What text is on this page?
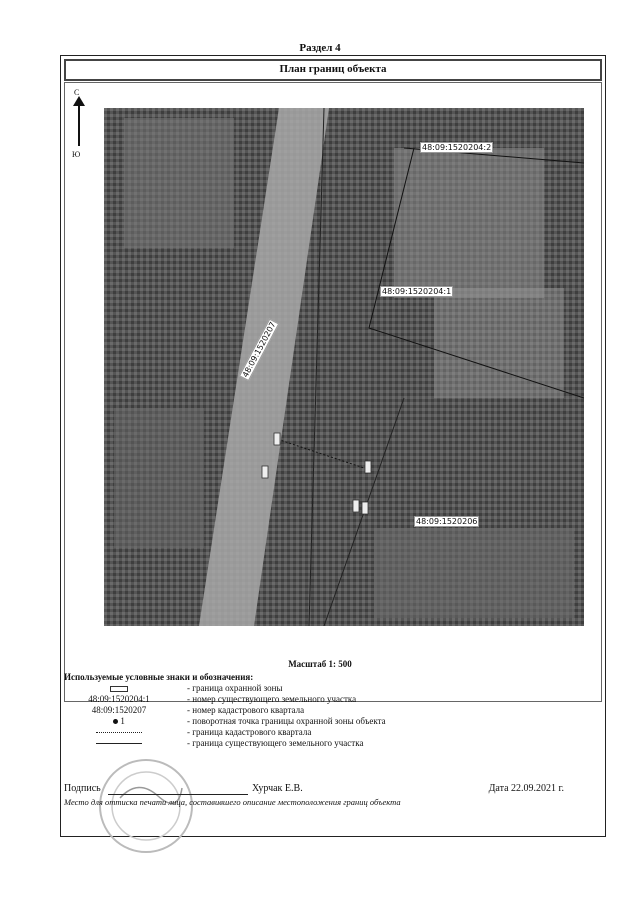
Раздел 4
План границ объекта
С
Ю
48:09:1520204:2
48:09:1520204:1
48:09:1520206
48:09:1520207
Масштаб 1: 500
Используемые условные знаки и обозначения:
- граница охранной зоны
48:09:1520204:1	- номер существующего земельного участка
48:09:1520207	- номер кадастрового квартала
1	- поворотная точка границы охранной зоны объекта
- граница кадастрового квартала
- граница существующего земельного участка
Подпись	Хурчак Е.В.	Дата 22.09.2021 г.
Место для оттиска печати лица, составившего описание местоположения границ объекта
